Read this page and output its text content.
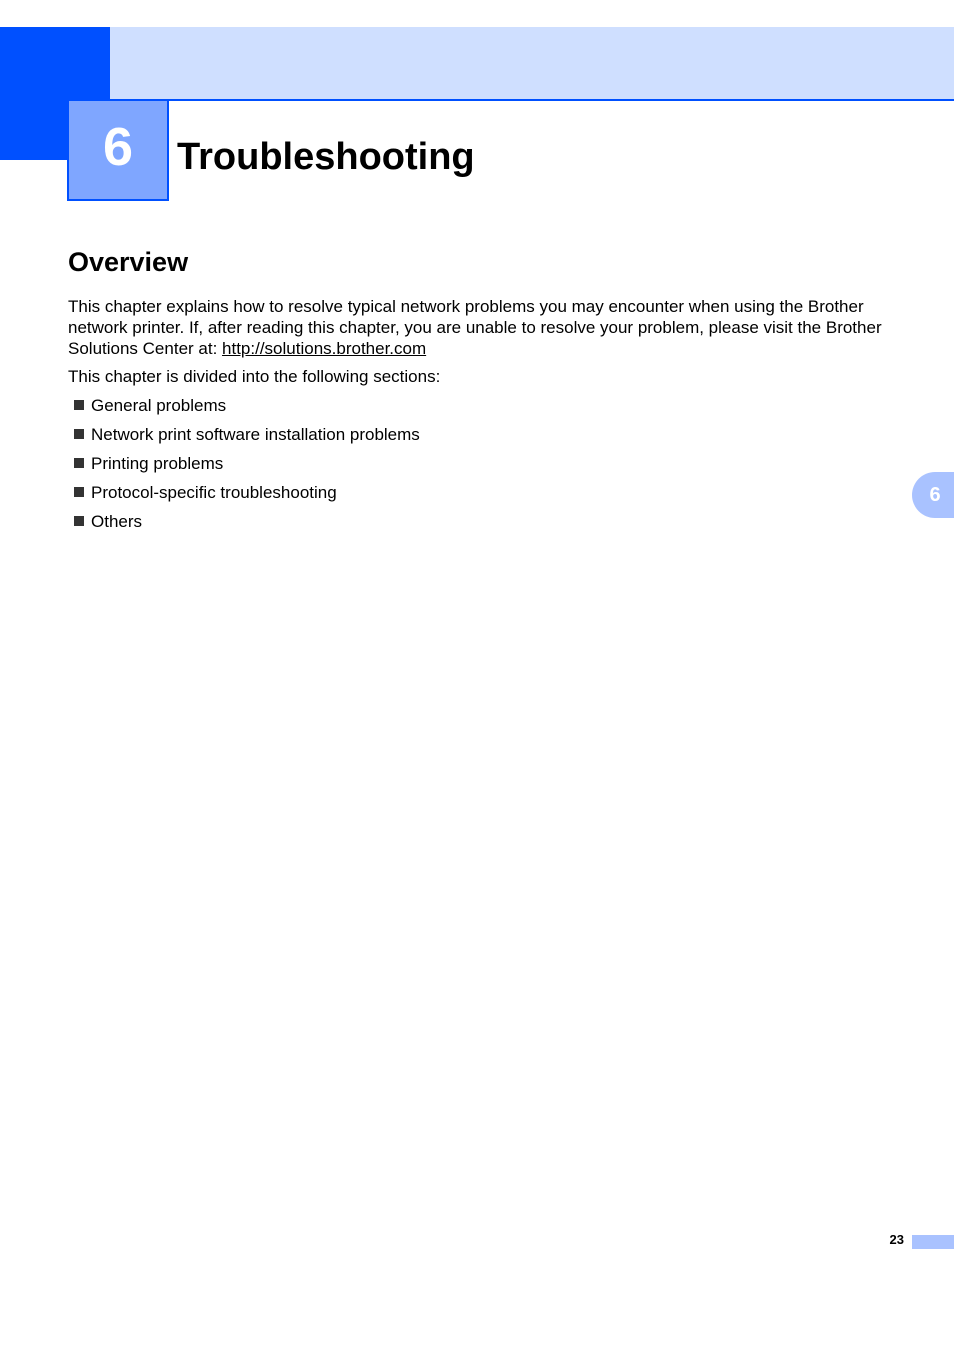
6 Troubleshooting
Overview

This chapter explains how to resolve typical network problems you may encounter when using the Brother network printer. If, after reading this chapter, you are unable to resolve your problem, please visit the Brother Solutions Center at: http://solutions.brother.com

This chapter is divided into the following sections:

General problems
Network print software installation problems
Printing problems
Protocol-specific troubleshooting
Others
6
23
